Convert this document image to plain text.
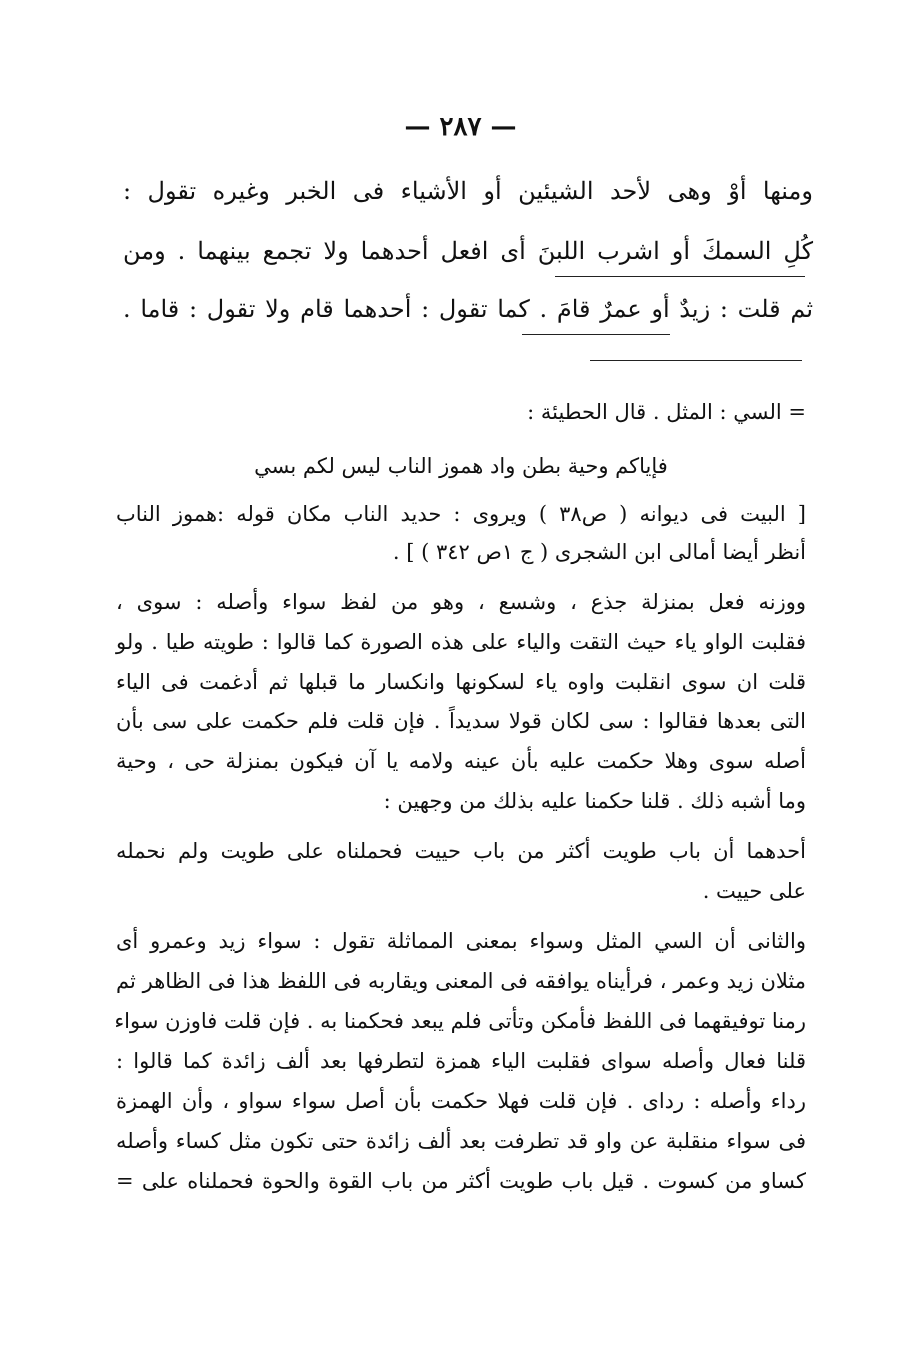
— ٢٨٧ —
ومنها أوْ وهى لأحد الشيئين أو الأشياء فى الخبر وغيره تقول :
كُلِ السمكَ أو اشرب اللبنَ أى افعل أحدهما ولا تجمع بينهما . ومن
ثم قلت : زيدٌ أو عمرٌ قامَ . كما تقول : أحدهما قام ولا تقول : قاما .
= السي : المثل . قال الحطيئة :
فإياكم وحية بطن واد هموز الناب ليس لكم بسي
[ البيت فى ديوانه ( ص٣٨ ) ويروى : حديد الناب مكان قوله :هموز الناب
أنظر أيضا أمالى ابن الشجرى ( ج ١ص ٣٤٢ ) ] .
ووزنه فعل بمنزلة جذع ، وشسع ، وهو من لفظ سواء وأصله : سوى ،
فقلبت الواو ياء حيث التقت والياء على هذه الصورة كما قالوا : طويته طيا . ولو
قلت ان سوى انقلبت واوه ياء لسكونها وانكسار ما قبلها ثم أدغمت فى الياء
التى بعدها فقالوا : سى لكان قولا سديداً . فإن قلت فلم حكمت على سى بأن
أصله سوى وهلا حكمت عليه بأن عينه ولامه يا آن فيكون بمنزلة حى ، وحية
وما أشبه ذلك . قلنا حكمنا عليه بذلك من وجهين :
أحدهما أن باب طويت أكثر من باب حييت فحملناه على طويت ولم نحمله
على حييت .
والثانى أن السي المثل وسواء بمعنى المماثلة تقول : سواء زيد وعمرو أى
مثلان زيد وعمر ، فرأيناه يوافقه فى المعنى ويقاربه فى اللفظ هذا فى الظاهر ثم
رمنا توفيقهما فى اللفظ فأمكن وتأتى فلم يبعد فحكمنا به . فإن قلت فاوزن سواء
قلنا فعال وأصله سواى فقلبت الياء همزة لتطرفها بعد ألف زائدة كما قالوا :
رداء وأصله : رداى . فإن قلت فهلا حكمت بأن أصل سواء سواو ، وأن الهمزة
فى سواء منقلبة عن واو قد تطرفت بعد ألف زائدة حتى تكون مثل كساء وأصله
كساو من كسوت . قيل باب طويت أكثر من باب القوة والحوة فحملناه على =
